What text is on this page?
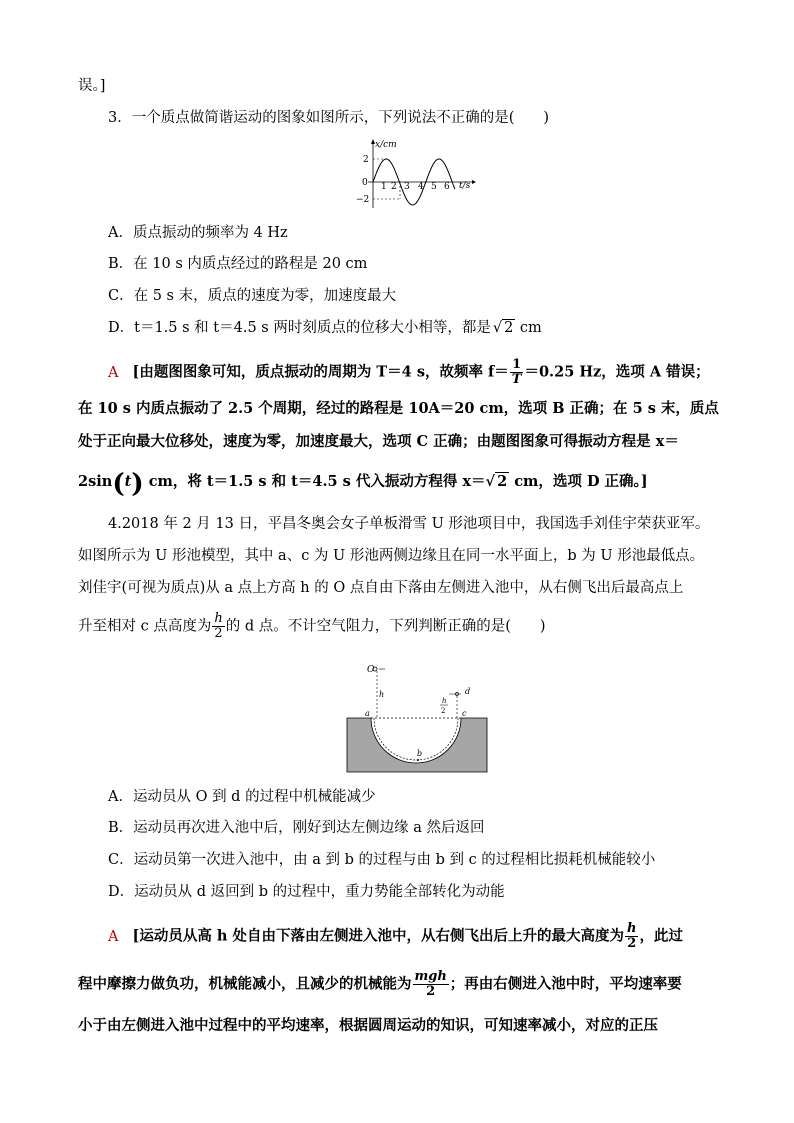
误。]
3．一个质点做简谐运动的图象如图所示，下列说法不正确的是(　　)
x/cm
t/s
2
0
−2
1 2 3 4 5 6
A．质点振动的频率为 4 Hz
B．在 10 s 内质点经过的路程是 20 cm
C．在 5 s 末，质点的速度为零，加速度最大
D．t＝1.5 s 和 t＝4.5 s 两时刻质点的位移大小相等，都是 √ 2 cm
A [由题图图象可知，质点振动的周期为 T＝4 s，故频率 $f= \frac{1}{T} =0.25$ Hz，选项 A 错误；
在 10 s 内质点振动了 2.5 个周期，经过的路程是 10A＝20 cm，选项 B 正确；在 5 s 末，质点
处于正向最大位移处，速度为零，加速度最大，选项 C 正确；由题图图象可得振动方程是 x＝
2sin(t) cm，将 t＝1.5 s 和 t＝4.5 s 代入振动方程得 x＝√ 2 cm，选项 D 正确。]
4.2018 年 2 月 13 日，平昌冬奥会女子单板滑雪 U 形池项目中，我国选手刘佳宇荣获亚军。
如图所示为 U 形池模型，其中 a、c 为 U 形池两侧边缘且在同一水平面上，b 为 U 形池最低点。
刘佳宇(可视为质点)从 a 点上方高 h 的 O 点自由下落由左侧进入池中，从右侧飞出后最高点上
升至相对 c 点高度为 $\frac{h}{2}$ 的 d 点。不计空气阻力，下列判断正确的是(　　)
O
h
a
b
c
d
h
2
A．运动员从 O 到 d 的过程中机械能减少
B．运动员再次进入池中后，刚好到达左侧边缘 a 然后返回
C．运动员第一次进入池中，由 a 到 b 的过程与由 b 到 c 的过程相比损耗机械能较小
D．运动员从 d 返回到 b 的过程中，重力势能全部转化为动能
A [运动员从高 h 处自由下落由左侧进入池中，从右侧飞出后上升的最大高度为 $\frac{h}{2}$ ，此过
程中摩擦力做负功，机械能减小，且减少的机械能为 $\frac{\text{mgh}}{2}$ ；再由右侧进入池中时，平均速率要
小于由左侧进入池中过程中的平均速率，根据圆周运动的知识，可知速率减小，对应的正压
